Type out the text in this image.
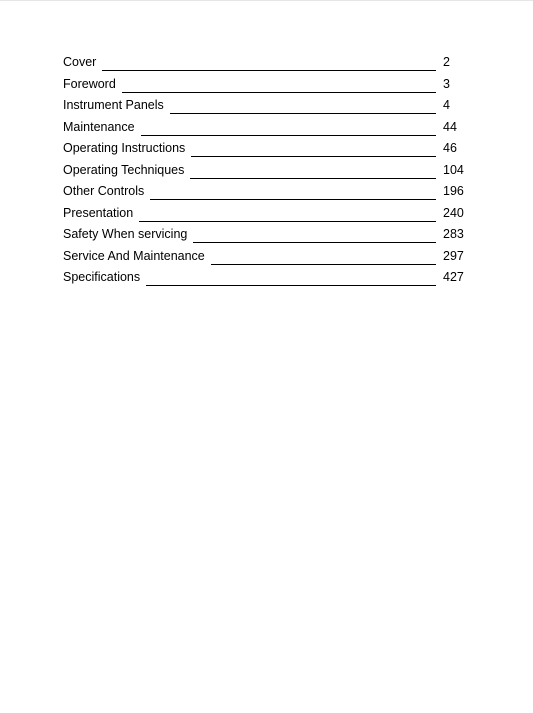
Cover	2
Foreword	3
Instrument Panels	4
Maintenance	44
Operating Instructions	46
Operating Techniques	104
Other Controls	196
Presentation	240
Safety When servicing	283
Service And Maintenance	297
Specifications	427
